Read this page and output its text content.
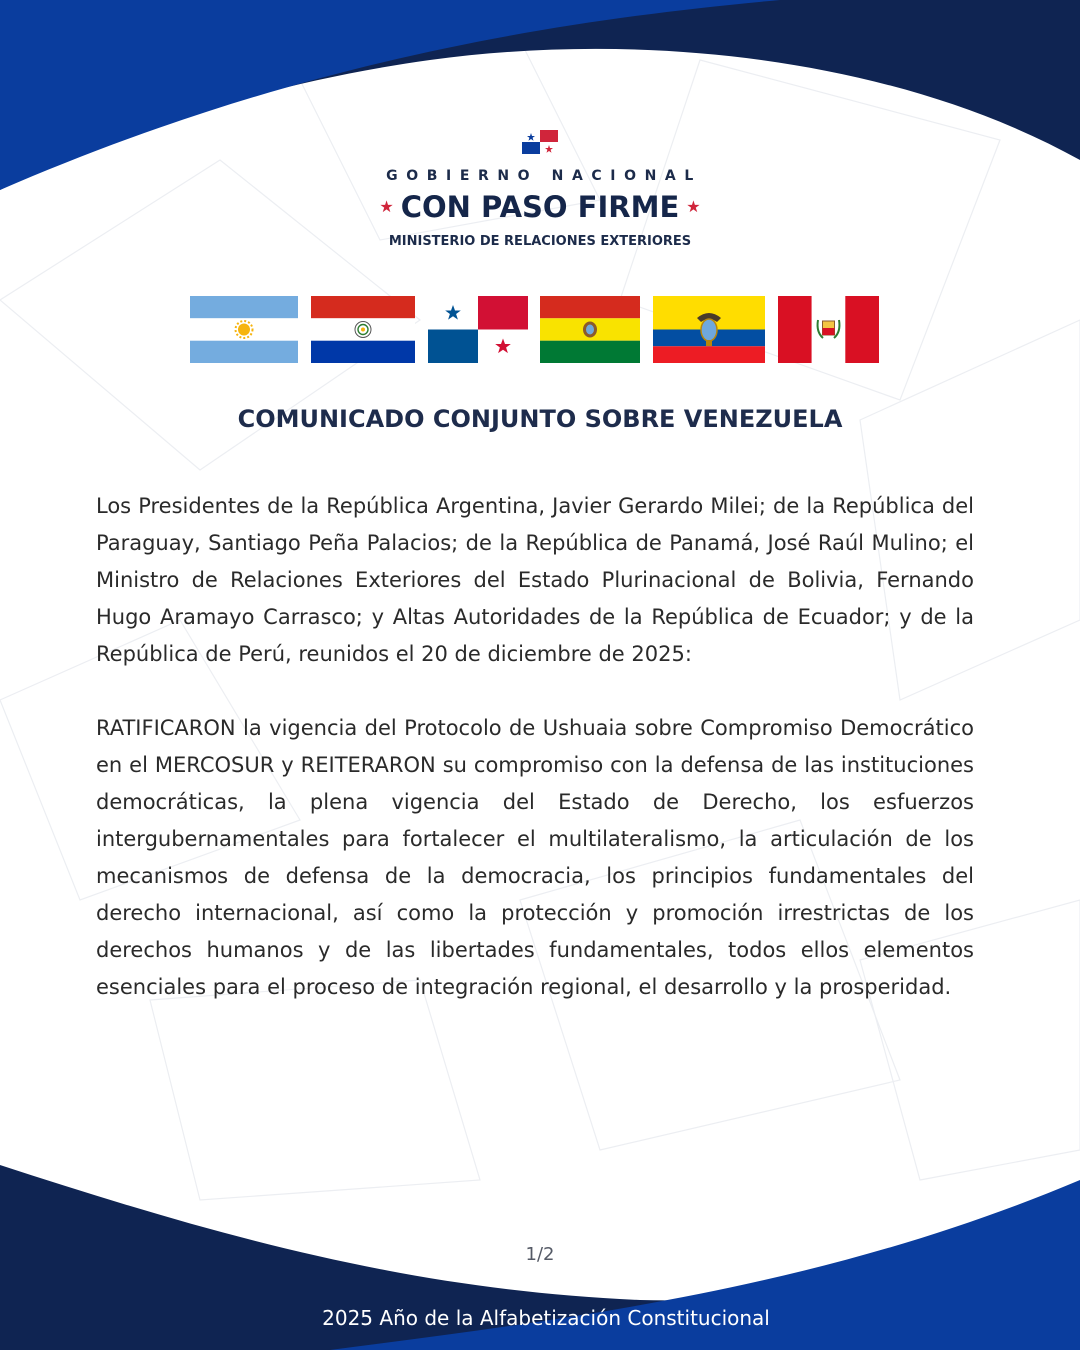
GOBIERNO NACIONAL
★ CON PASO FIRME ★
MINISTERIO DE RELACIONES EXTERIORES
COMUNICADO CONJUNTO SOBRE VENEZUELA

Los Presidentes de la República Argentina, Javier Gerardo Milei; de la República del Paraguay, Santiago Peña Palacios; de la República de Panamá, José Raúl Mulino; el Ministro de Relaciones Exteriores del Estado Plurinacional de Bolivia, Fernando Hugo Aramayo Carrasco; y Altas Autoridades de la República de Ecuador; y de la República de Perú, reunidos el 20 de diciembre de 2025:

RATIFICARON la vigencia del Protocolo de Ushuaia sobre Compromiso Democrático en el MERCOSUR y REITERARON su compromiso con la defensa de las instituciones democráticas, la plena vigencia del Estado de Derecho, los esfuerzos intergubernamentales para fortalecer el multilateralismo, la articulación de los mecanismos de defensa de la democracia, los principios fundamentales del derecho internacional, así como la protección y promoción irrestrictas de los derechos humanos y de las libertades fundamentales, todos ellos elementos esenciales para el proceso de integración regional, el desarrollo y la prosperidad.

1/2
2025 Año de la Alfabetización Constitucional
